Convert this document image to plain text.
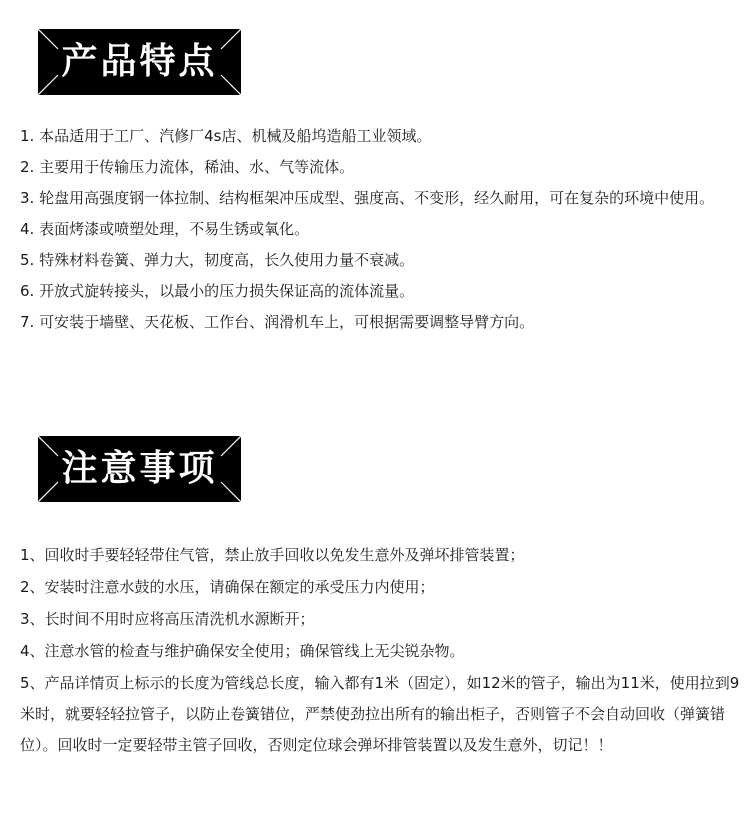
产品特点
1. 本品适用于工厂、汽修厂4s店、机械及船坞造船工业领域。
2. 主要用于传输压力流体，稀油、水、气等流体。
3. 轮盘用高强度钢一体拉制、结构框架冲压成型、强度高、不变形，经久耐用，可在复杂的环境中使用。
4. 表面烤漆或喷塑处理，不易生锈或氧化。
5. 特殊材料卷簧、弹力大，韧度高，长久使用力量不衰减。
6. 开放式旋转接头，以最小的压力损失保证高的流体流量。
7. 可安装于墙壁、天花板、工作台、润滑机车上，可根据需要调整导臂方向。
注意事项
1、回收时手要轻轻带住气管，禁止放手回收以免发生意外及弹坏排管装置；
2、安装时注意水鼓的水压，请确保在额定的承受压力内使用；
3、长时间不用时应将高压清洗机水源断开；
4、注意水管的检查与维护确保安全使用；确保管线上无尖锐杂物。
5、产品详情页上标示的长度为管线总长度，输入都有1米（固定），如12米的管子，输出为11米，使用拉到9米时，就要轻轻拉管子，以防止卷簧错位，严禁使劲拉出所有的输出柜子，否则管子不会自动回收（弹簧错位）。回收时一定要轻带主管子回收，否则定位球会弹坏排管装置以及发生意外，切记！！
